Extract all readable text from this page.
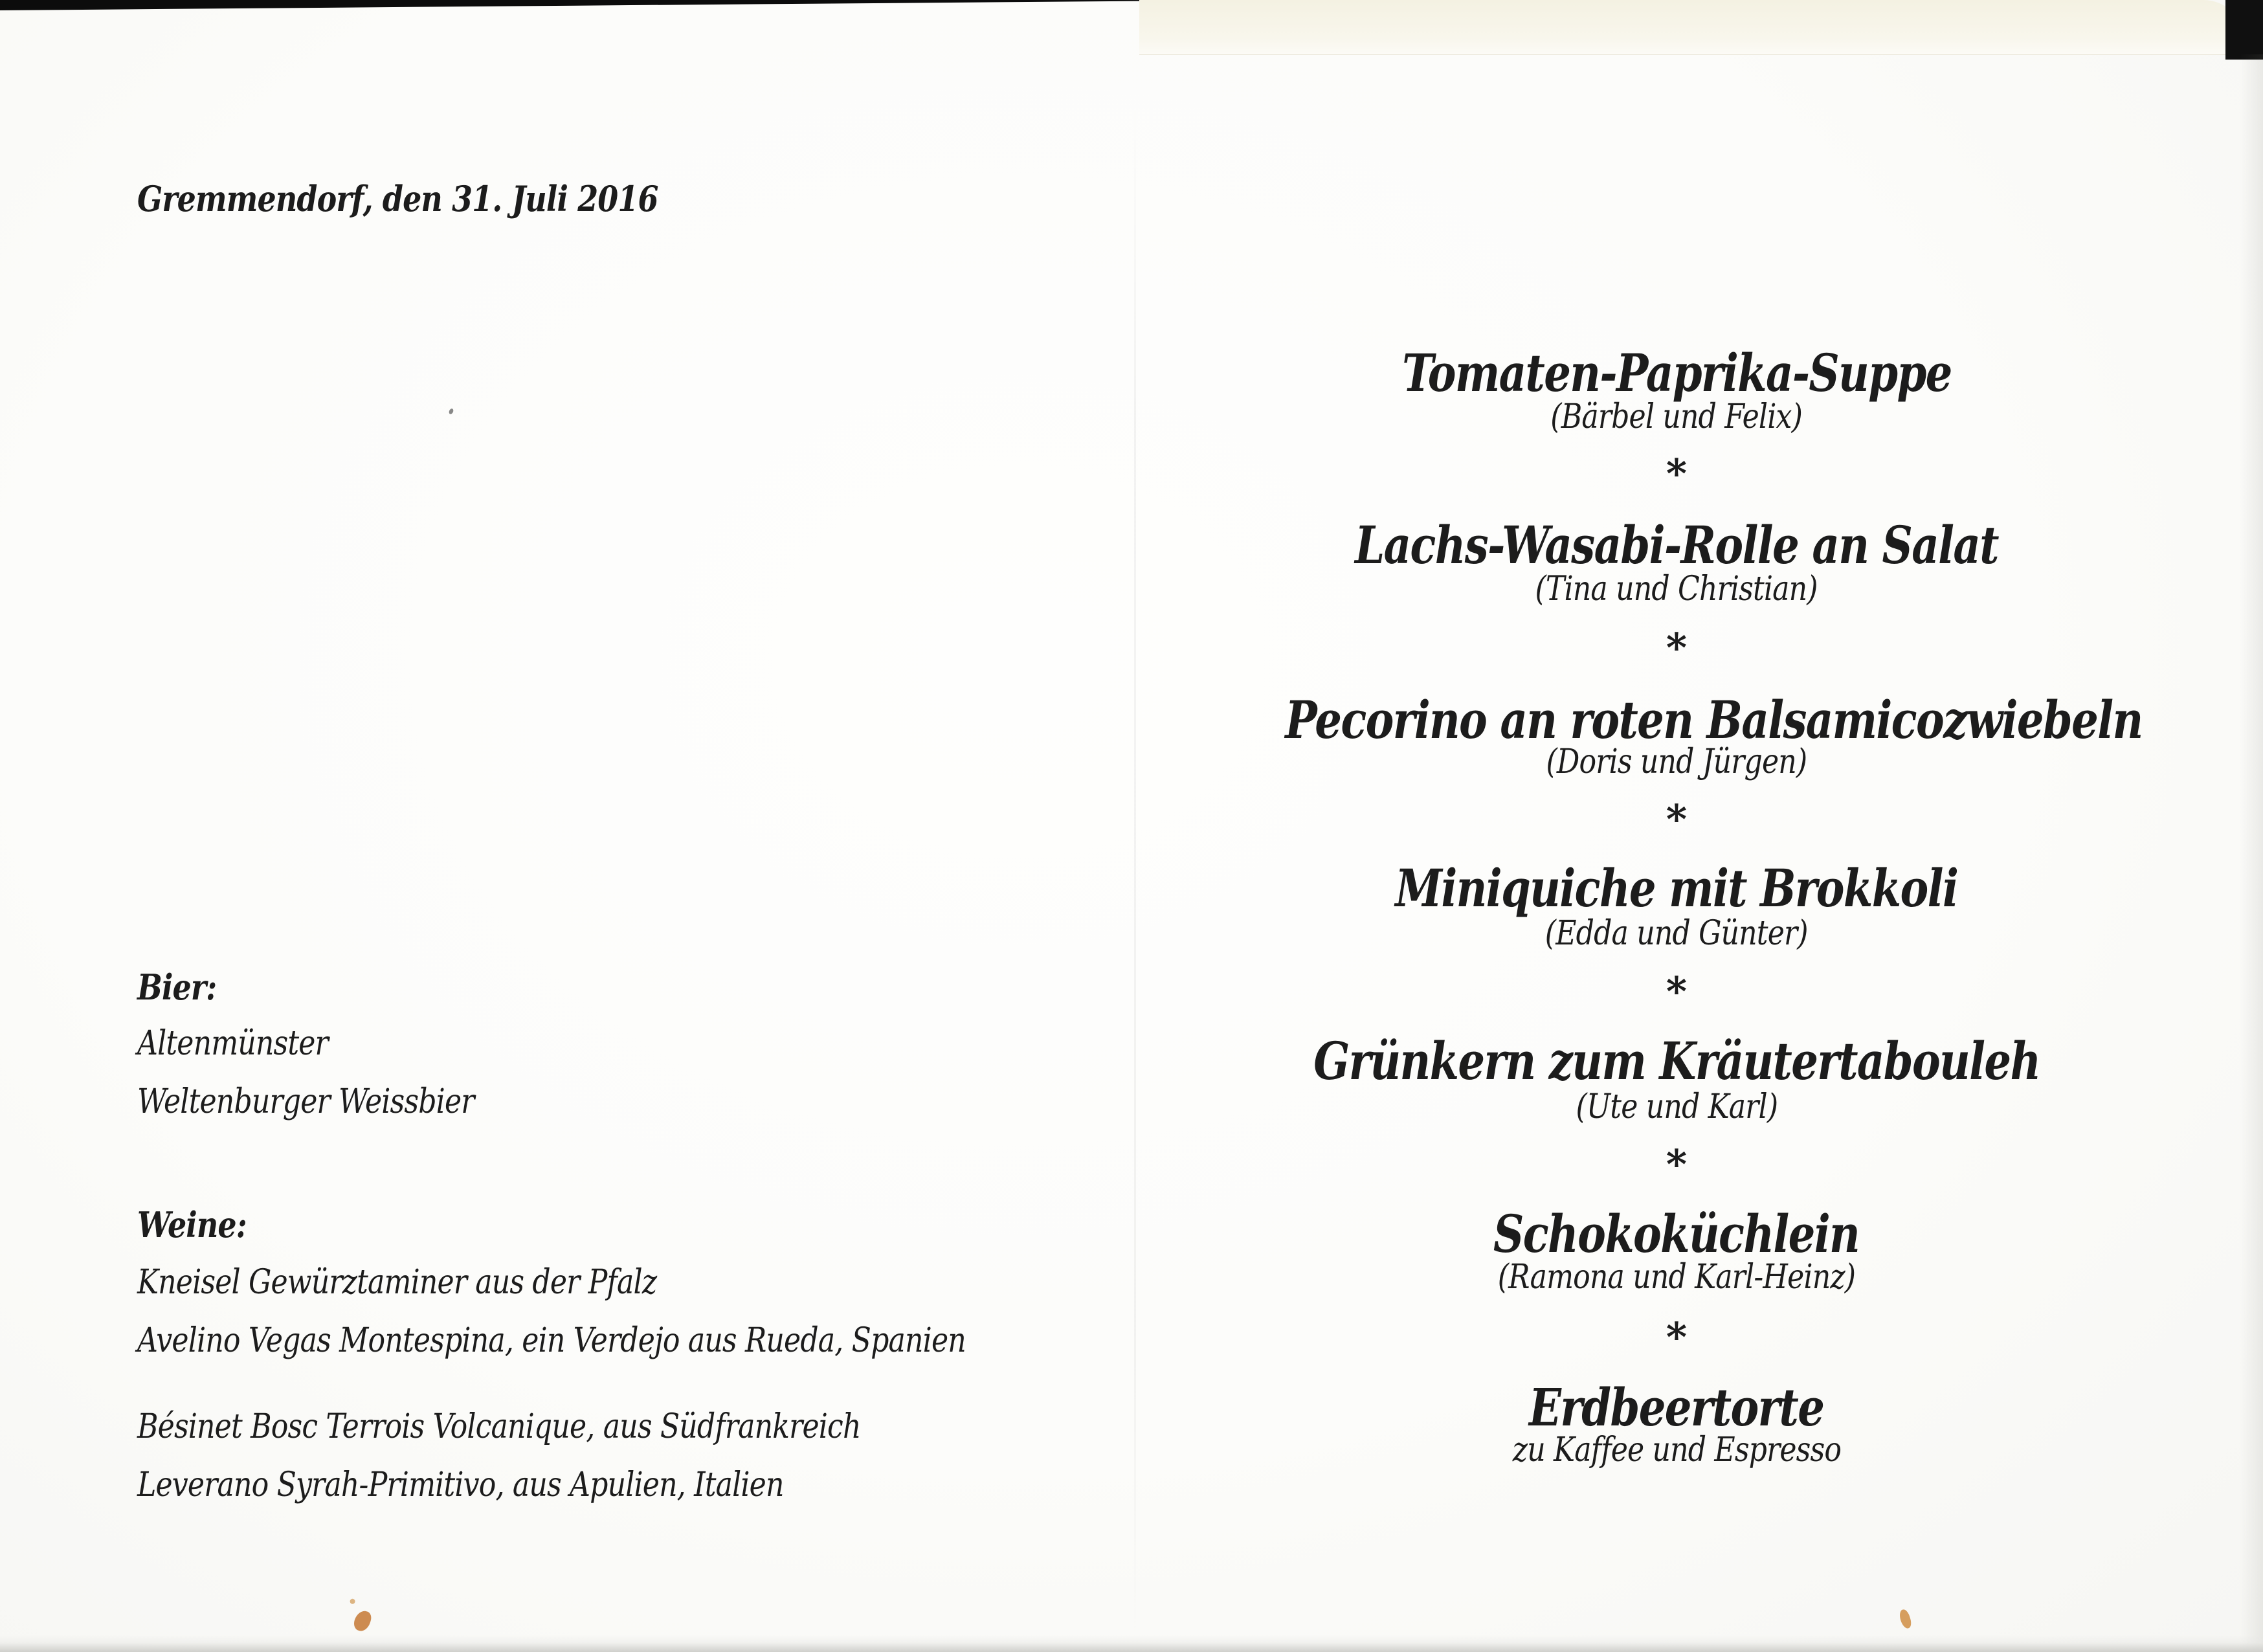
Gremmendorf, den 31. Juli 2016
Bier:
Altenmünster
Weltenburger Weissbier
Weine:
Kneisel Gewürztaminer aus der Pfalz
Avelino Vegas Montespina, ein Verdejo aus Rueda, Spanien
Bésinet Bosc Terrois Volcanique, aus Südfrankreich
Leverano Syrah-Primitivo, aus Apulien, Italien
Tomaten-Paprika-Suppe
(Bärbel und Felix)
*
Lachs-Wasabi-Rolle an Salat
(Tina und Christian)
*
Pecorino an roten Balsamicozwiebeln
(Doris und Jürgen)
*
Miniquiche mit Brokkoli
(Edda und Günter)
*
Grünkern zum Kräutertabouleh
(Ute und Karl)
*
Schokoküchlein
(Ramona und Karl-Heinz)
*
Erdbeertorte
zu Kaffee und Espresso
